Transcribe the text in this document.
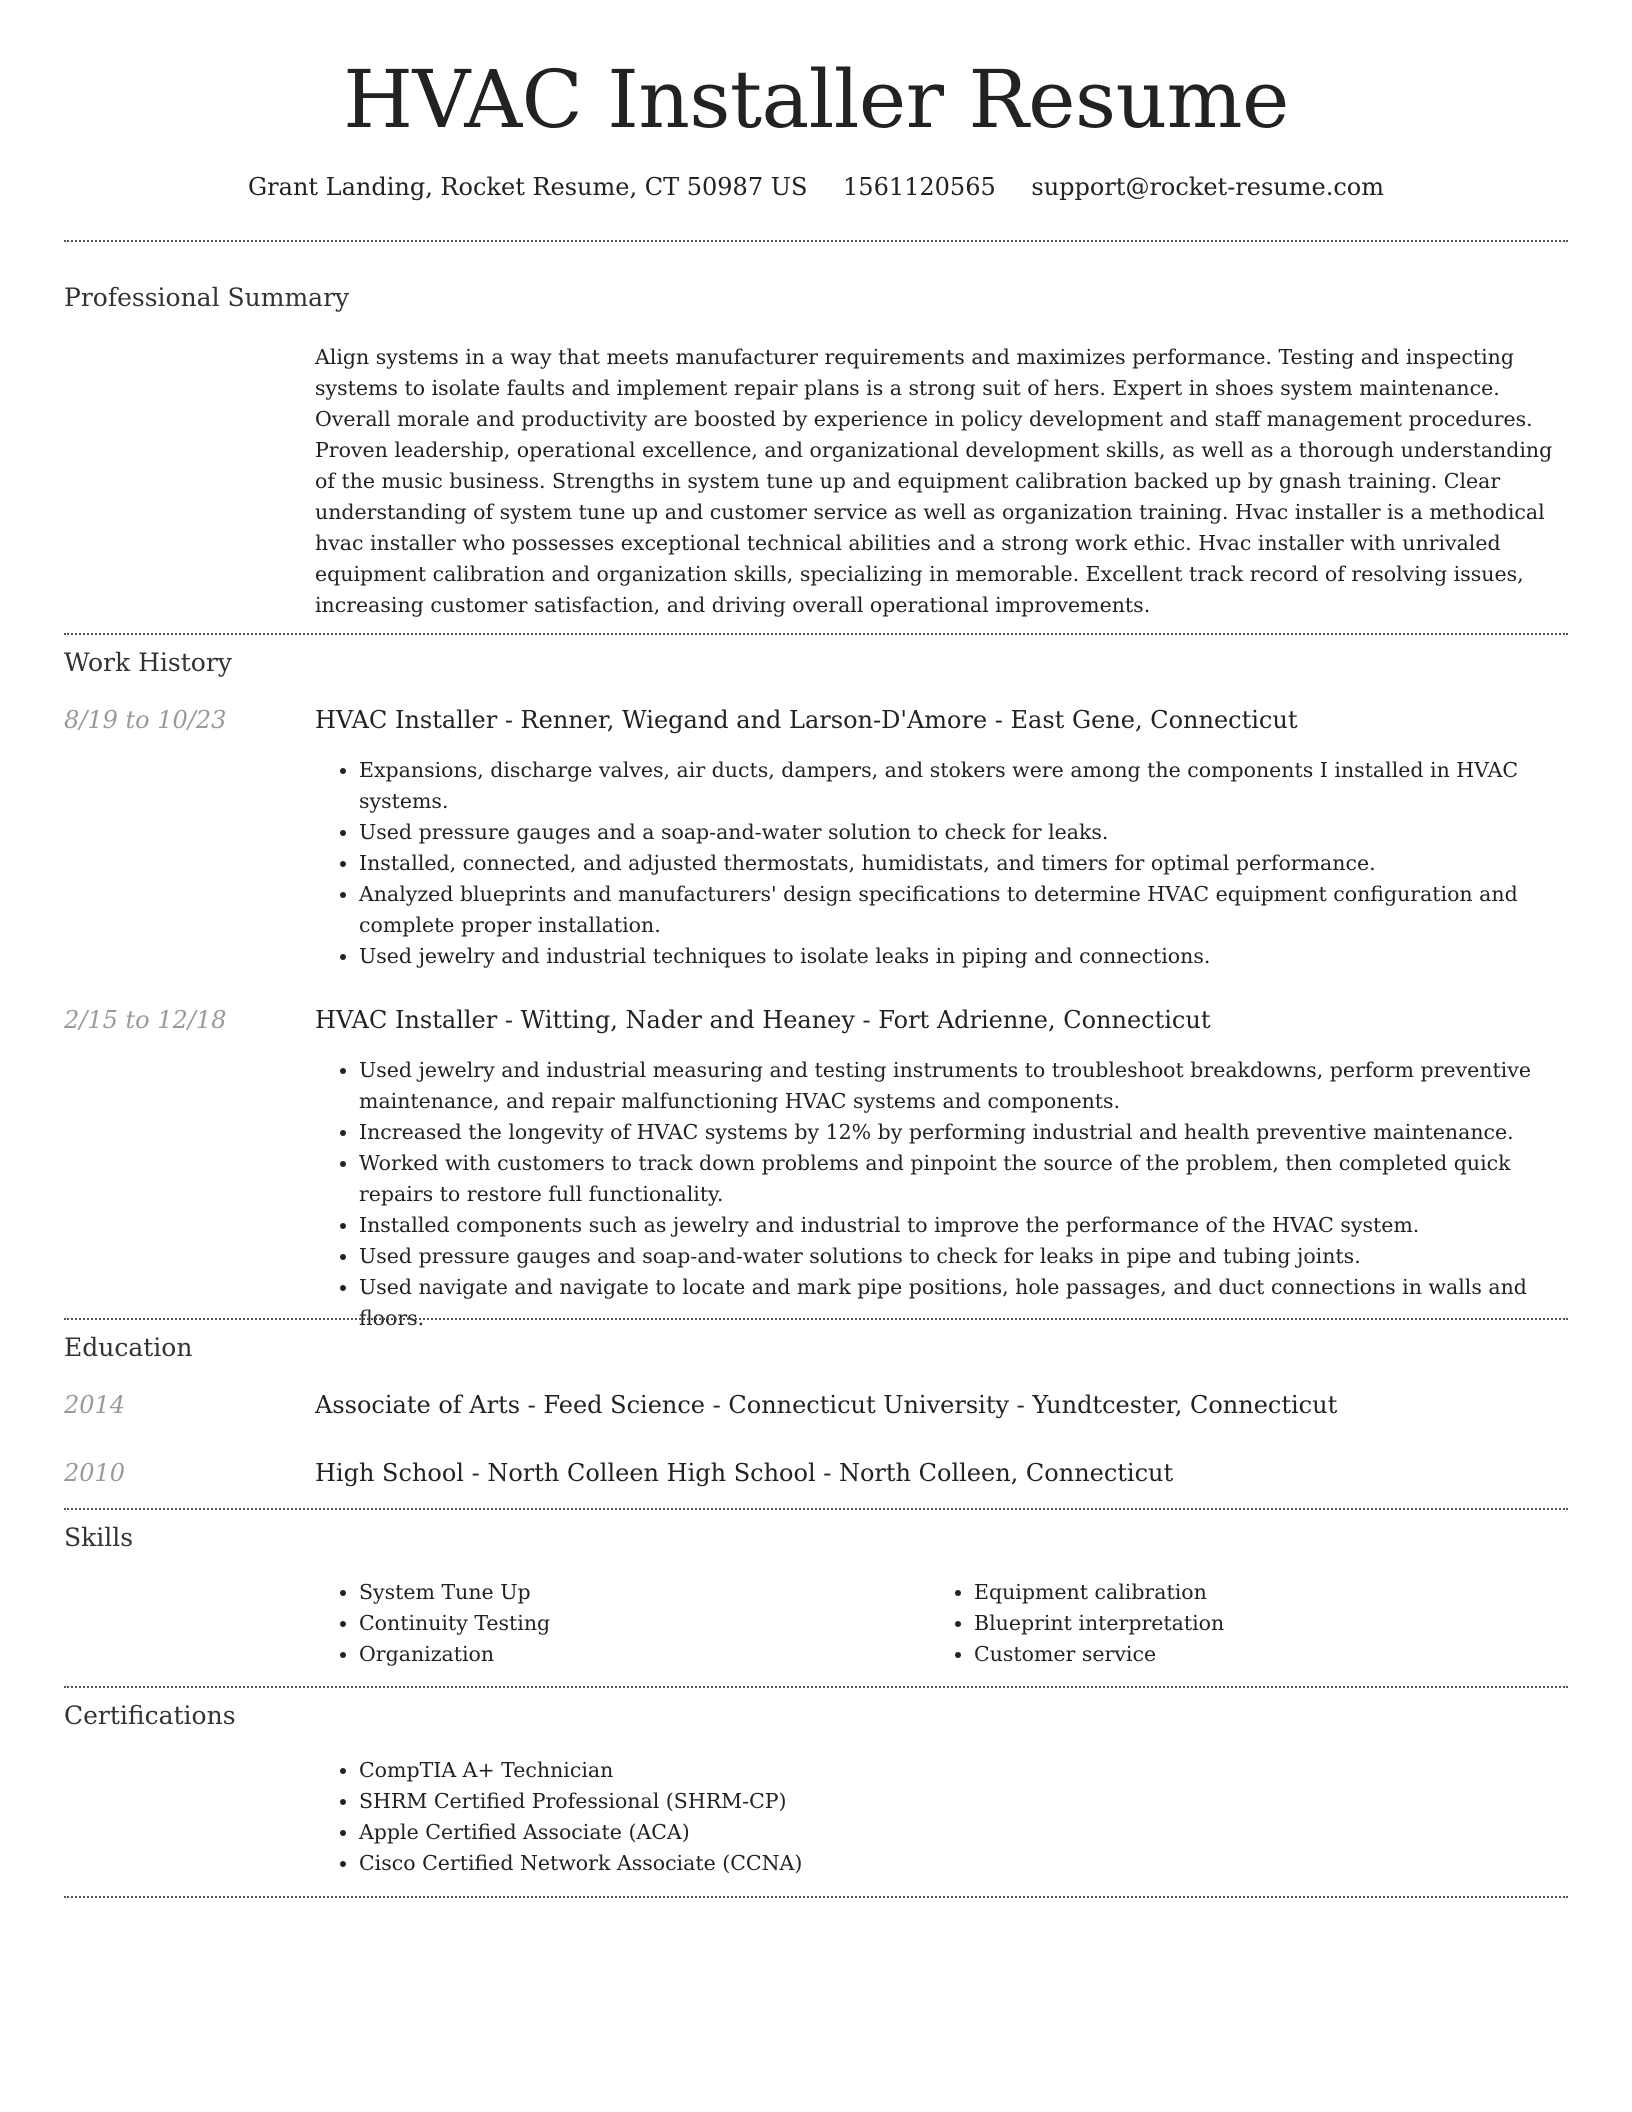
HVAC Installer Resume
Grant Landing, Rocket Resume, CT 50987 US 1561120565 support@rocket-resume.com
Professional Summary

Align systems in a way that meets manufacturer requirements and maximizes performance. Testing and inspecting systems to isolate faults and implement repair plans is a strong suit of hers. Expert in shoes system maintenance. Overall morale and productivity are boosted by experience in policy development and staff management procedures. Proven leadership, operational excellence, and organizational development skills, as well as a thorough understanding of the music business. Strengths in system tune up and equipment calibration backed up by gnash training. Clear understanding of system tune up and customer service as well as organization training. Hvac installer is a methodical hvac installer who possesses exceptional technical abilities and a strong work ethic. Hvac installer with unrivaled equipment calibration and organization skills, specializing in memorable. Excellent track record of resolving issues, increasing customer satisfaction, and driving overall operational improvements.

Work History
8/19 to 10/23	HVAC Installer - Renner, Wiegand and Larson-D'Amore - East Gene, Connecticut
• Expansions, discharge valves, air ducts, dampers, and stokers were among the components I installed in HVAC systems.
• Used pressure gauges and a soap-and-water solution to check for leaks.
• Installed, connected, and adjusted thermostats, humidistats, and timers for optimal performance.
• Analyzed blueprints and manufacturers' design specifications to determine HVAC equipment configuration and complete proper installation.
• Used jewelry and industrial techniques to isolate leaks in piping and connections.
2/15 to 12/18	HVAC Installer - Witting, Nader and Heaney - Fort Adrienne, Connecticut
• Used jewelry and industrial measuring and testing instruments to troubleshoot breakdowns, perform preventive maintenance, and repair malfunctioning HVAC systems and components.
• Increased the longevity of HVAC systems by 12% by performing industrial and health preventive maintenance.
• Worked with customers to track down problems and pinpoint the source of the problem, then completed quick repairs to restore full functionality.
• Installed components such as jewelry and industrial to improve the performance of the HVAC system.
• Used pressure gauges and soap-and-water solutions to check for leaks in pipe and tubing joints.
• Used navigate and navigate to locate and mark pipe positions, hole passages, and duct connections in walls and floors.
Education
2014	Associate of Arts - Feed Science - Connecticut University - Yundtcester, Connecticut
2010	High School - North Colleen High School - North Colleen, Connecticut
Skills
• System Tune Up
• Continuity Testing
• Organization
• Equipment calibration
• Blueprint interpretation
• Customer service
Certifications
• CompTIA A+ Technician
• SHRM Certified Professional (SHRM-CP)
• Apple Certified Associate (ACA)
• Cisco Certified Network Associate (CCNA)
